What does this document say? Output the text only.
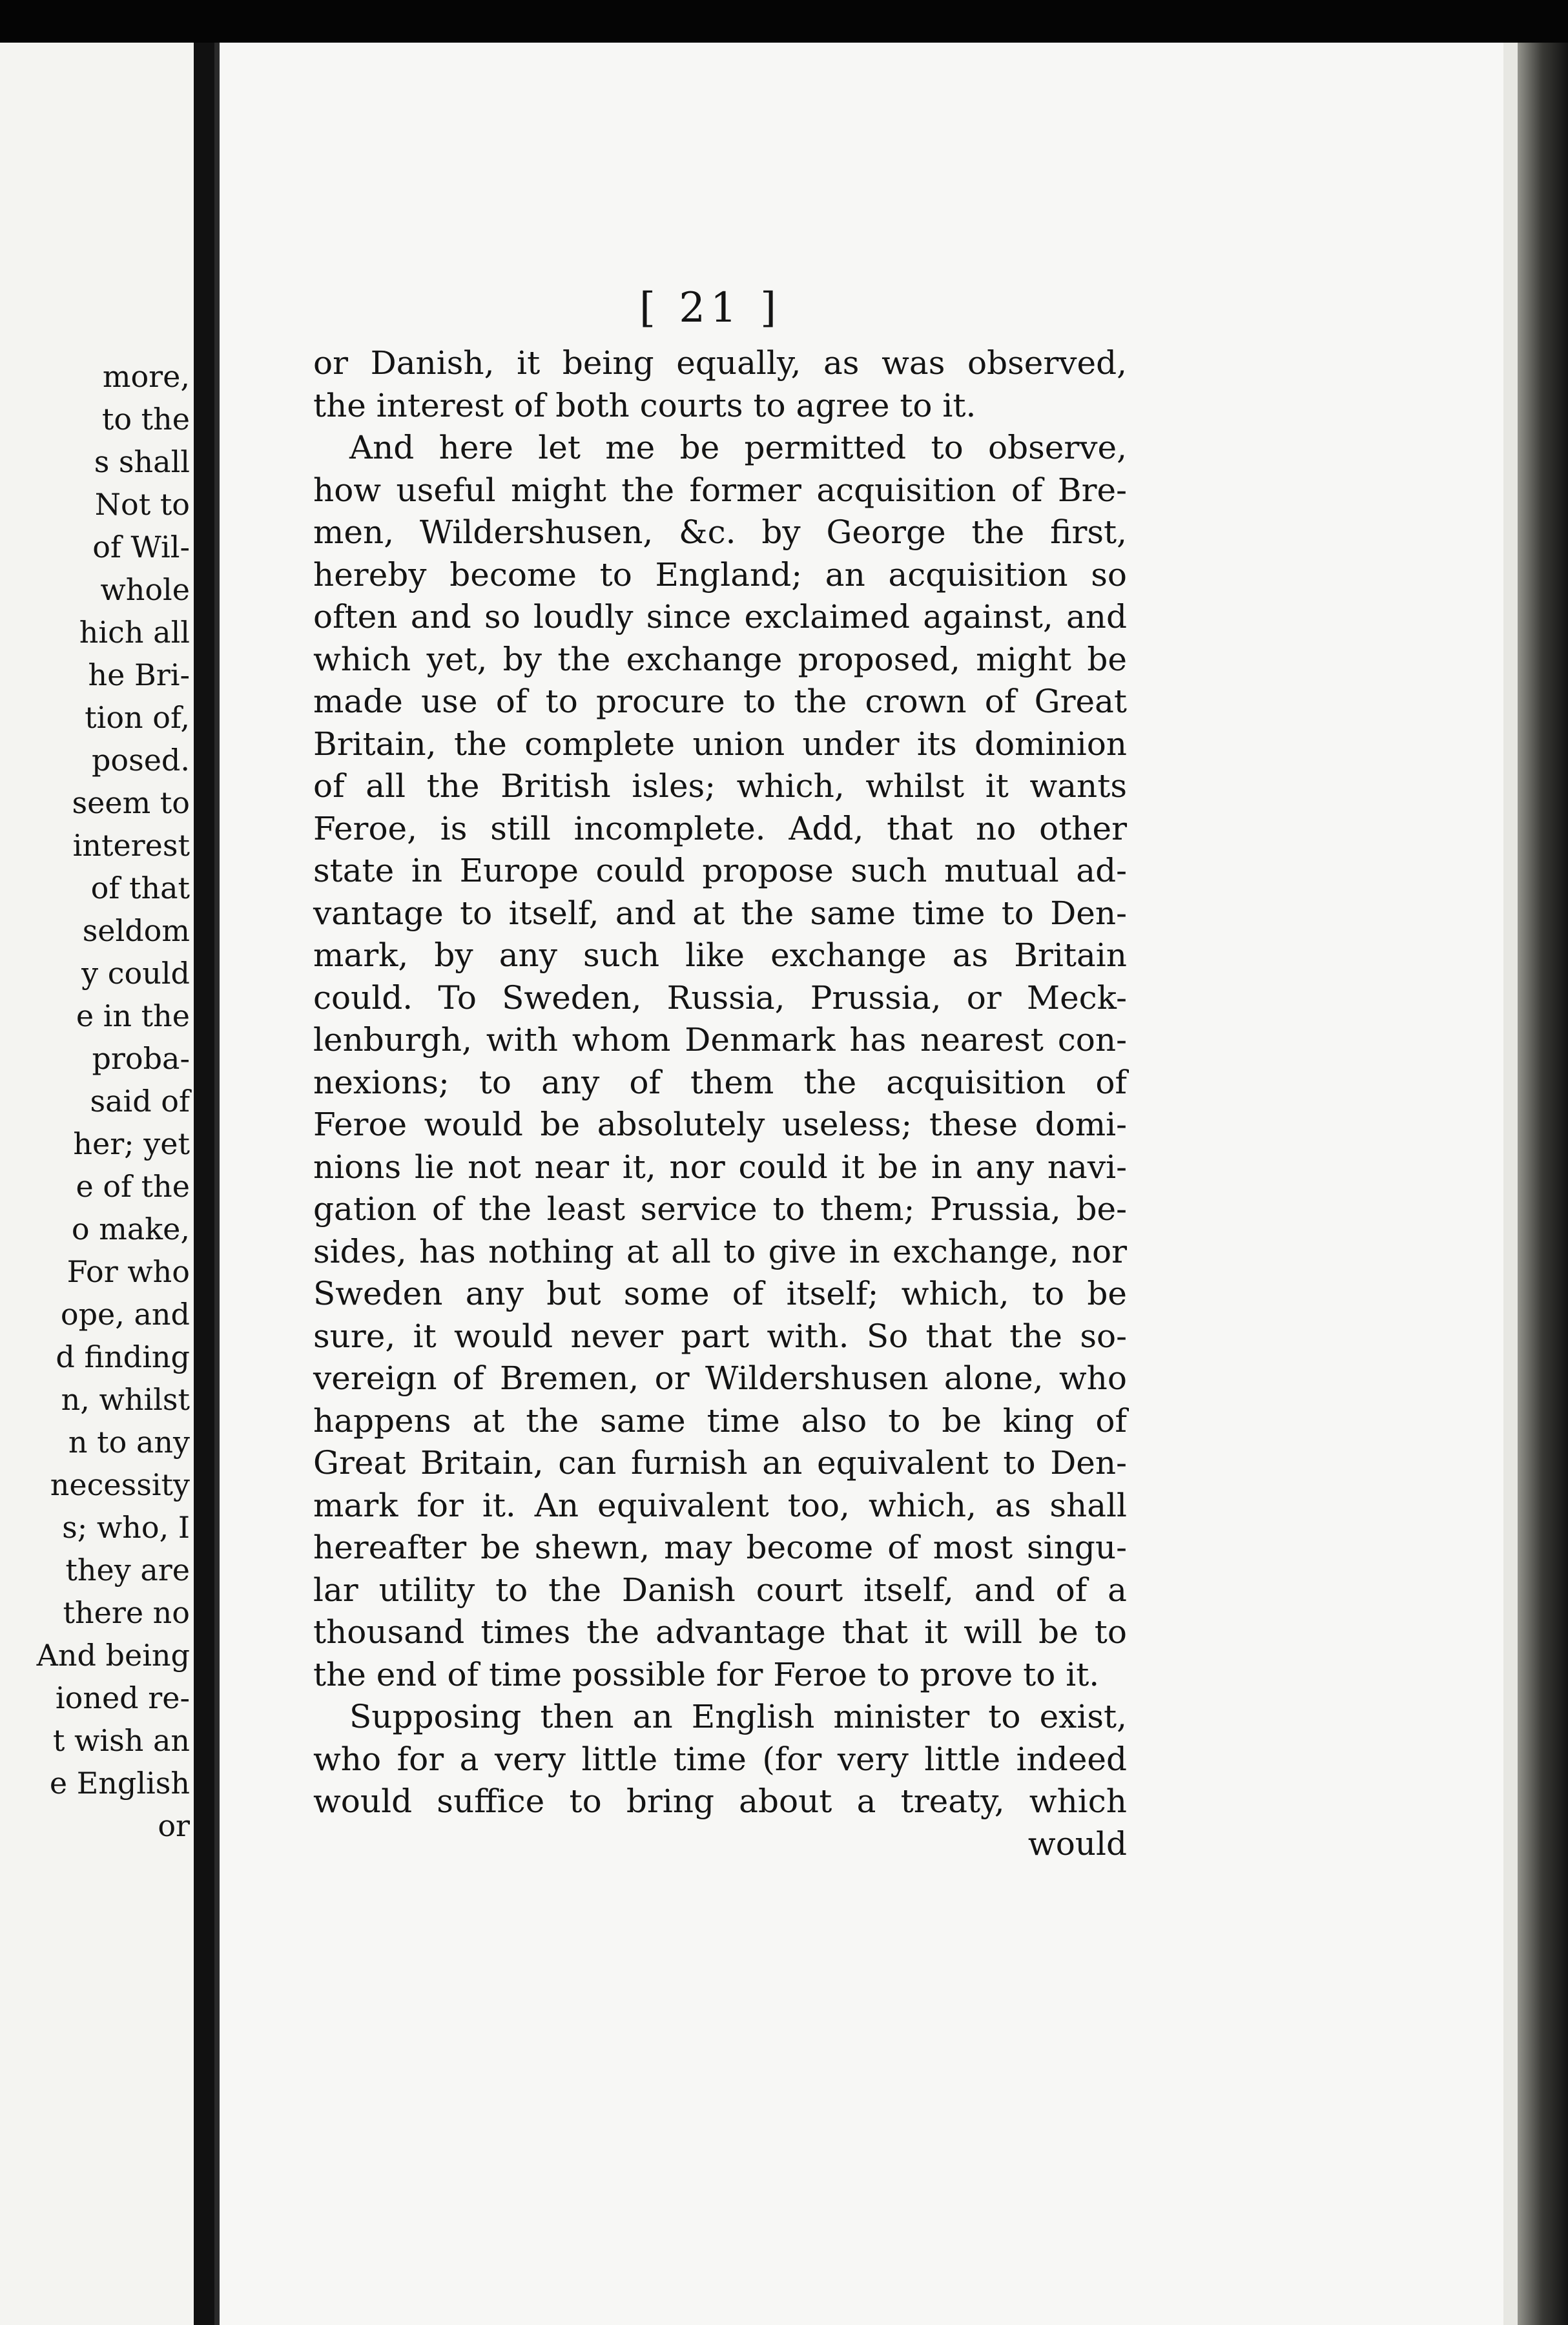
more,
to the
s shall
Not to
of Wil-
whole
hich all
he Bri-
tion of,
posed.
seem to
interest
of that
seldom
y could
e in the
proba-
said of
her; yet
e of the
o make,
For who
ope, and
d finding
n, whilst
n to any
necessity
s; who, I
they are
there no
And being
ioned re-
t wish an
e English
or
[ 21 ]
or Danish, it being equally, as was observed,
the interest of both courts to agree to it.
And here let me be permitted to observe,
how useful might the former acquisition of Bre-
men, Wildershusen, &c. by George the first,
hereby become to England; an acquisition so
often and so loudly since exclaimed against, and
which yet, by the exchange proposed, might be
made use of to procure to the crown of Great
Britain, the complete union under its dominion
of all the British isles; which, whilst it wants
Feroe, is still incomplete. Add, that no other
state in Europe could propose such mutual ad-
vantage to itself, and at the same time to Den-
mark, by any such like exchange as Britain
could. To Sweden, Russia, Prussia, or Meck-
lenburgh, with whom Denmark has nearest con-
nexions; to any of them the acquisition of
Feroe would be absolutely useless; these domi-
nions lie not near it, nor could it be in any navi-
gation of the least service to them; Prussia, be-
sides, has nothing at all to give in exchange, nor
Sweden any but some of itself; which, to be
sure, it would never part with. So that the so-
vereign of Bremen, or Wildershusen alone, who
happens at the same time also to be king of
Great Britain, can furnish an equivalent to Den-
mark for it. An equivalent too, which, as shall
hereafter be shewn, may become of most singu-
lar utility to the Danish court itself, and of a
thousand times the advantage that it will be to
the end of time possible for Feroe to prove to it.
Supposing then an English minister to exist,
who for a very little time (for very little indeed
would suffice to bring about a treaty, which
would
